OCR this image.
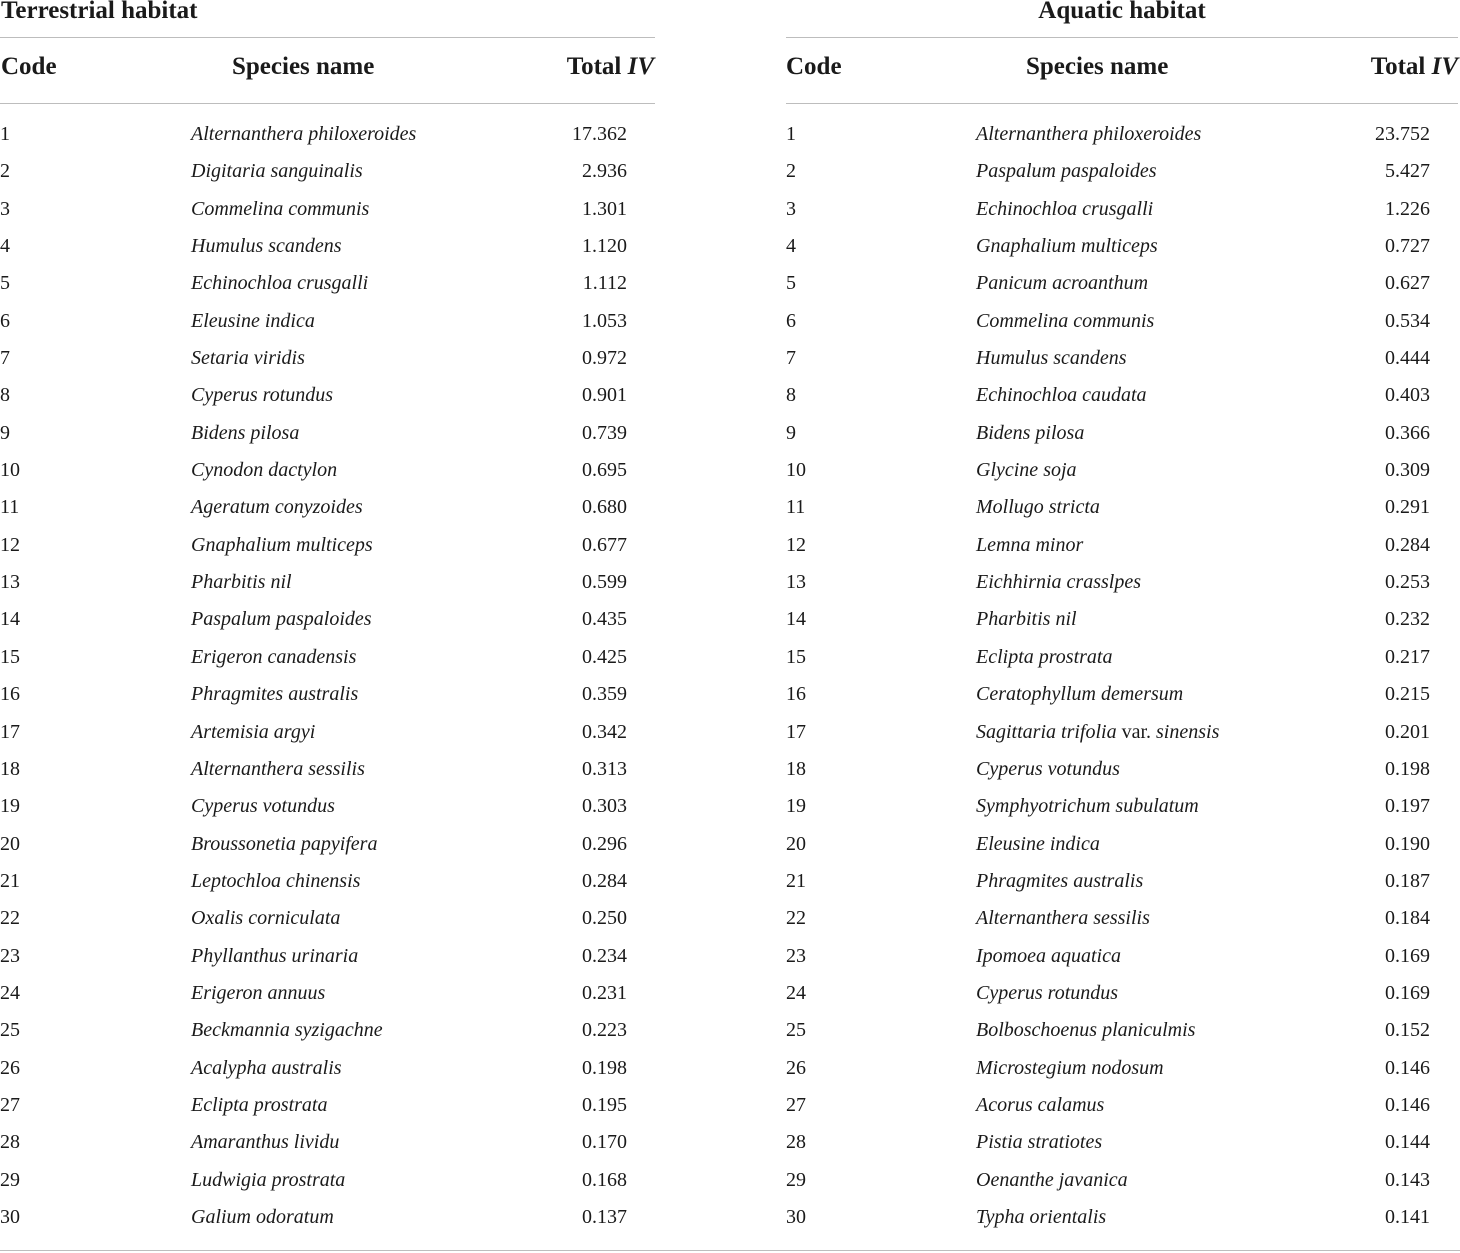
Terrestrial habitat
Code	Species name	Total IV
1	Alternanthera philoxeroides	17.362
2	Digitaria sanguinalis	2.936
3	Commelina communis	1.301
4	Humulus scandens	1.120
5	Echinochloa crusgalli	1.112
6	Eleusine indica	1.053
7	Setaria viridis	0.972
8	Cyperus rotundus	0.901
9	Bidens pilosa	0.739
10	Cynodon dactylon	0.695
11	Ageratum conyzoides	0.680
12	Gnaphalium multiceps	0.677
13	Pharbitis nil	0.599
14	Paspalum paspaloides	0.435
15	Erigeron canadensis	0.425
16	Phragmites australis	0.359
17	Artemisia argyi	0.342
18	Alternanthera sessilis	0.313
19	Cyperus votundus	0.303
20	Broussonetia papyifera	0.296
21	Leptochloa chinensis	0.284
22	Oxalis corniculata	0.250
23	Phyllanthus urinaria	0.234
24	Erigeron annuus	0.231
25	Beckmannia syzigachne	0.223
26	Acalypha australis	0.198
27	Eclipta prostrata	0.195
28	Amaranthus lividu	0.170
29	Ludwigia prostrata	0.168
30	Galium odoratum	0.137
Aquatic habitat
Code	Species name	Total IV
1	Alternanthera philoxeroides	23.752
2	Paspalum paspaloides	5.427
3	Echinochloa crusgalli	1.226
4	Gnaphalium multiceps	0.727
5	Panicum acroanthum	0.627
6	Commelina communis	0.534
7	Humulus scandens	0.444
8	Echinochloa caudata	0.403
9	Bidens pilosa	0.366
10	Glycine soja	0.309
11	Mollugo stricta	0.291
12	Lemna minor	0.284
13	Eichhirnia crasslpes	0.253
14	Pharbitis nil	0.232
15	Eclipta prostrata	0.217
16	Ceratophyllum demersum	0.215
17	Sagittaria trifolia var. sinensis	0.201
18	Cyperus votundus	0.198
19	Symphyotrichum subulatum	0.197
20	Eleusine indica	0.190
21	Phragmites australis	0.187
22	Alternanthera sessilis	0.184
23	Ipomoea aquatica	0.169
24	Cyperus rotundus	0.169
25	Bolboschoenus planiculmis	0.152
26	Microstegium nodosum	0.146
27	Acorus calamus	0.146
28	Pistia stratiotes	0.144
29	Oenanthe javanica	0.143
30	Typha orientalis	0.141
